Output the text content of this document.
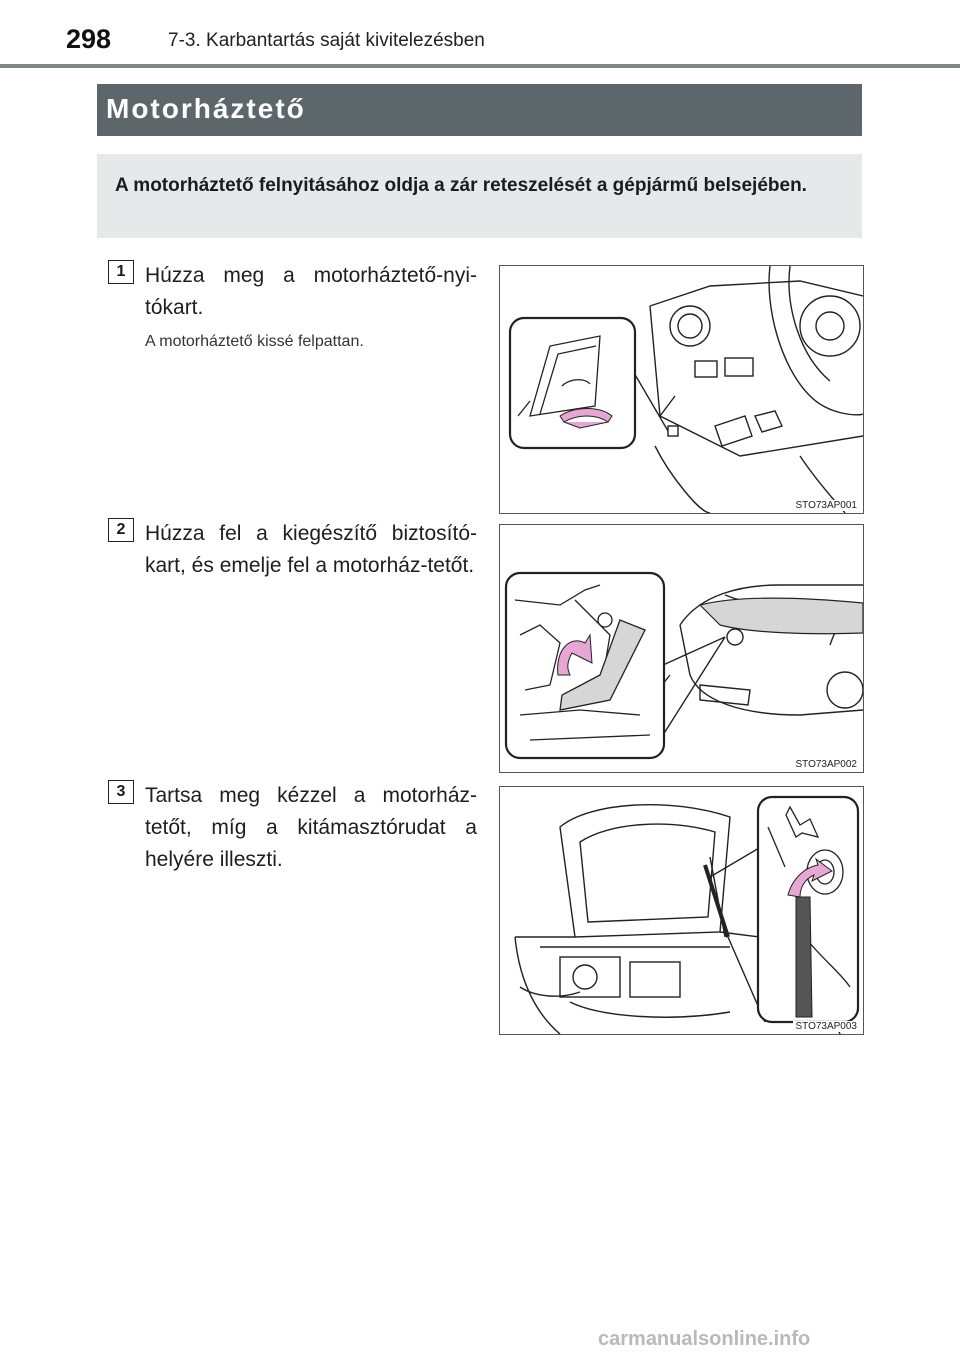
298	7-3. Karbantartás saját kivitelezésben
Motorháztető
A motorháztető felnyitásához oldja a zár reteszelését a gépjármű belsejében.
1 Húzza meg a motorháztető-nyi-tókart.
A motorháztető kissé felpattan.
STO73AP001
2 Húzza fel a kiegészítő biztosító-kart, és emelje fel a motorház-tetőt.
STO73AP002
3 Tartsa meg kézzel a motorház-tetőt, míg a kitámasztórudat a helyére illeszti.
STO73AP003
carmanualsonline.info
